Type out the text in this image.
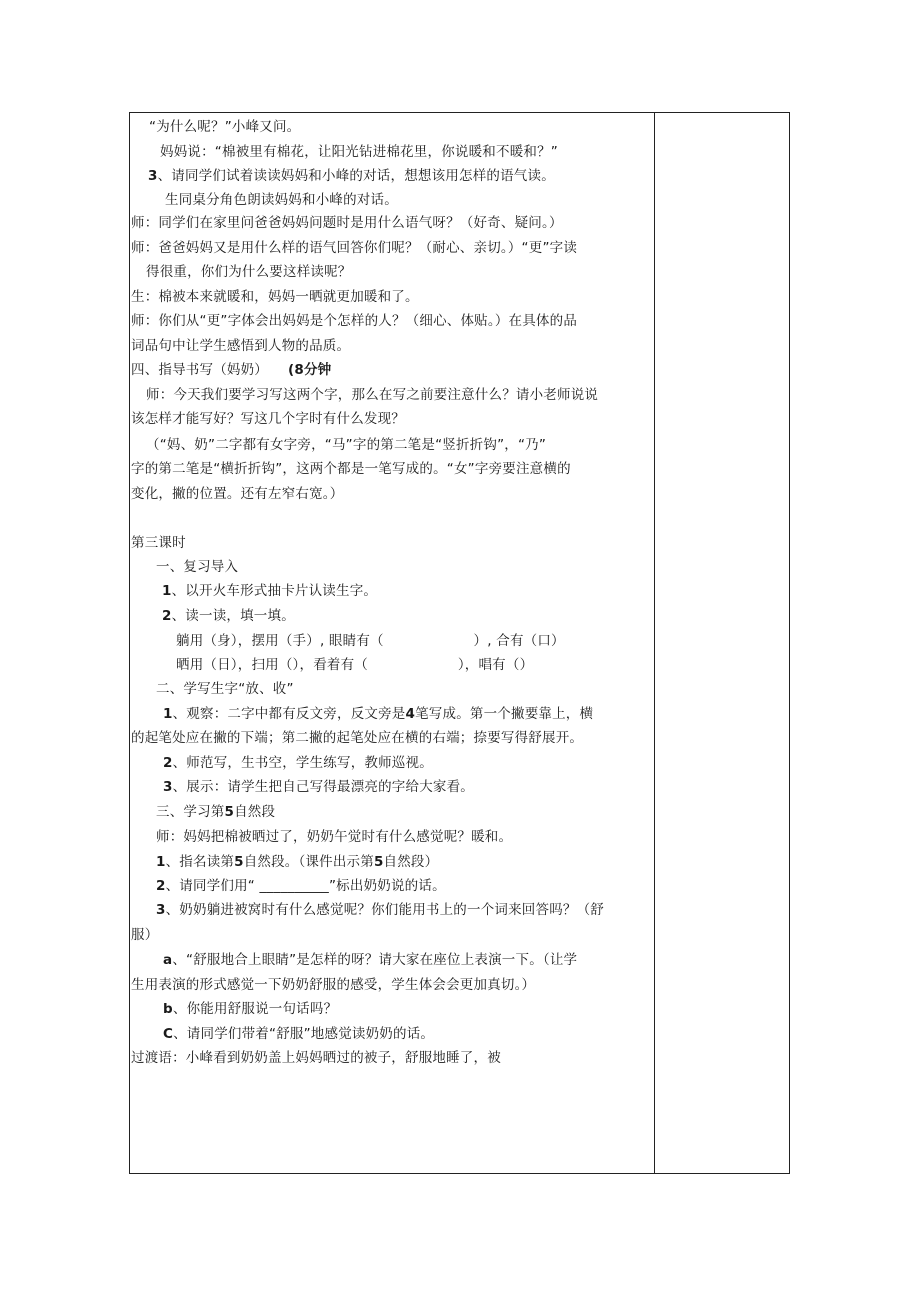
“为什么呢？”小峰又问。
妈妈说：“棉被里有棉花，让阳光钻进棉花里，你说暖和不暖和？”
3、请同学们试着读读妈妈和小峰的对话，想想该用怎样的语气读。
生同桌分角色朗读妈妈和小峰的对话。
师：同学们在家里问爸爸妈妈问题时是用什么语气呀？（好奇、疑问。）
师：爸爸妈妈又是用什么样的语气回答你们呢？（耐心、亲切。）“更”字读
得很重，你们为什么要这样读呢？
生：棉被本来就暖和，妈妈一晒就更加暖和了。
师：你们从“更”字体会出妈妈是个怎样的人？（细心、体贴。）在具体的品
词品句中让学生感悟到人物的品质。
四、指导书写（妈奶） (8分钟
师：今天我们要学习写这两个字，那么在写之前要注意什么？请小老师说说
该怎样才能写好？写这几个字时有什么发现？
（“妈、奶”二字都有女字旁，“马”字的第二笔是“竖折折钩”，“乃”
字的第二笔是“横折折钩”，这两个都是一笔写成的。“女”字旁要注意横的
变化，撇的位置。还有左窄右宽。）
第三课时
一、复习导入
1、以开火车形式抽卡片认读生字。
2、读一读，填一填。
躺用（身），摆用（手）, 眼睛有（                    ）, 合有（口）
晒用（日），扫用（），看着有（                    ），唱有（）
二、学写生字“放、收”
1、观察：二字中都有反文旁，反文旁是4笔写成。第一个撇要靠上，横
的起笔处应在撇的下端；第二撇的起笔处应在横的右端；捺要写得舒展开。
2、师范写，生书空，学生练写，教师巡视。
3、展示：请学生把自己写得最漂亮的字给大家看。
三、学习第5自然段
师：妈妈把棉被晒过了，奶奶午觉时有什么感觉呢？暖和。
1、指名读第5自然段。（课件出示第5自然段）
2、请同学们用“ __________”标出奶奶说的话。
3、奶奶躺进被窝时有什么感觉呢？你们能用书上的一个词来回答吗？（舒
服）
a、“舒服地合上眼睛”是怎样的呀？请大家在座位上表演一下。（让学
生用表演的形式感觉一下奶奶舒服的感受，学生体会会更加真切。）
b、你能用舒服说一句话吗？
C、请同学们带着“舒服”地感觉读奶奶的话。
过渡语：小峰看到奶奶盖上妈妈晒过的被子，舒服地睡了，被
